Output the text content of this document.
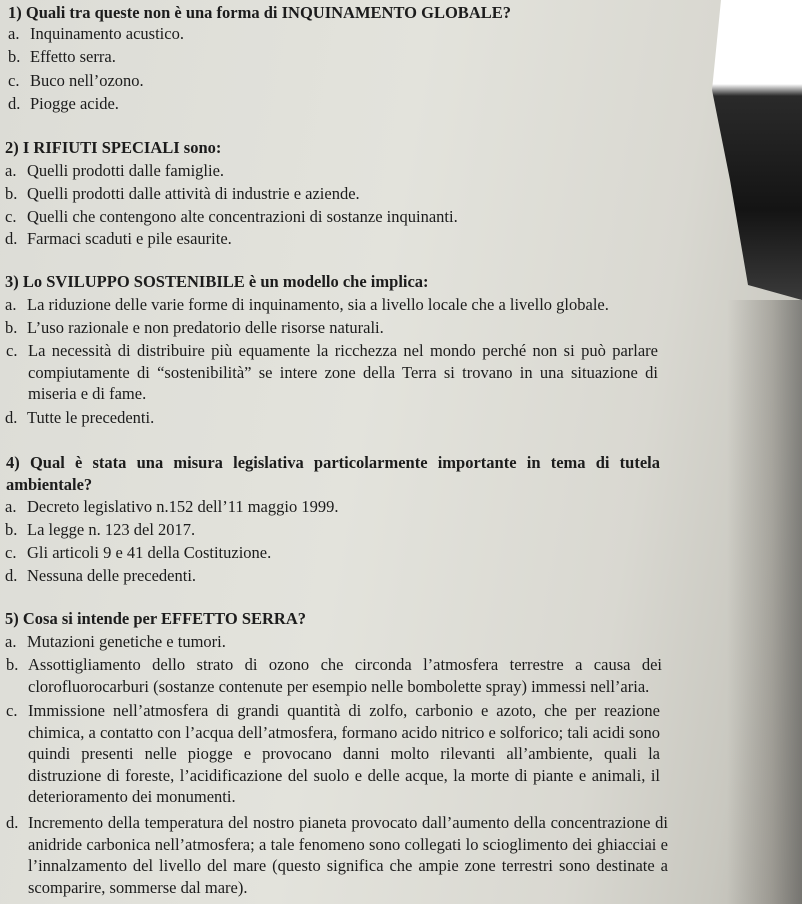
1) Quali tra queste non è una forma di INQUINAMENTO GLOBALE?
a. Inquinamento acustico.
b. Effetto serra.
c. Buco nell’ozono.
d. Piogge acide.
2) I RIFIUTI SPECIALI sono:
a. Quelli prodotti dalle famiglie.
b. Quelli prodotti dalle attività di industrie e aziende.
c. Quelli che contengono alte concentrazioni di sostanze inquinanti.
d. Farmaci scaduti e pile esaurite.
3) Lo SVILUPPO SOSTENIBILE è un modello che implica:
a. La riduzione delle varie forme di inquinamento, sia a livello locale che a livello globale.
b. L’uso razionale e non predatorio delle risorse naturali.
c. La necessità di distribuire più equamente la ricchezza nel mondo perché non si può parlare compiutamente di “sostenibilità” se intere zone della Terra si trovano in una situazione di miseria e di fame.
d. Tutte le precedenti.
4) Qual è stata una misura legislativa particolarmente importante in tema di tutela ambientale?
a. Decreto legislativo n.152 dell’11 maggio 1999.
b. La legge n. 123 del 2017.
c. Gli articoli 9 e 41 della Costituzione.
d. Nessuna delle precedenti.
5) Cosa si intende per EFFETTO SERRA?
a. Mutazioni genetiche e tumori.
b. Assottigliamento dello strato di ozono che circonda l’atmosfera terrestre a causa dei clorofluorocarburi (sostanze contenute per esempio nelle bombolette spray) immessi nell’aria.
c. Immissione nell’atmosfera di grandi quantità di zolfo, carbonio e azoto, che per reazione chimica, a contatto con l’acqua dell’atmosfera, formano acido nitrico e solforico; tali acidi sono quindi presenti nelle piogge e provocano danni molto rilevanti all’ambiente, quali la distruzione di foreste, l’acidificazione del suolo e delle acque, la morte di piante e animali, il deterioramento dei monumenti.
d. Incremento della temperatura del nostro pianeta provocato dall’aumento della concentrazione di anidride carbonica nell’atmosfera; a tale fenomeno sono collegati lo scioglimento dei ghiacciai e l’innalzamento del livello del mare (questo significa che ampie zone terrestri sono destinate a scomparire, sommerse dal mare).
